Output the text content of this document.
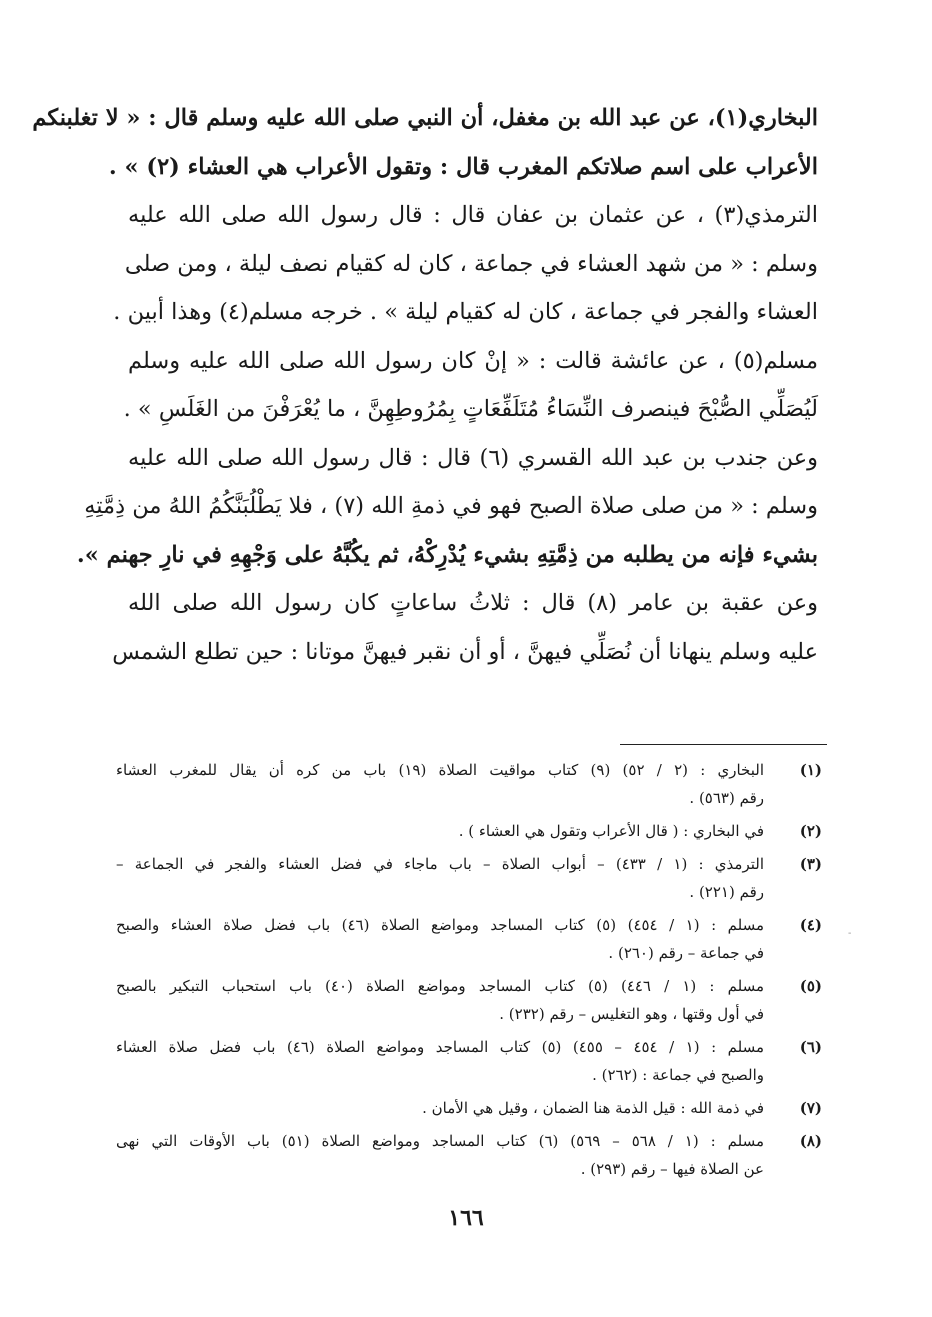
البخاري(١)، عن عبد الله بن مغفل، أن النبي صلى الله عليه وسلم قال : « لا تغلبنكم
الأعراب على اسم صلاتكم المغرب قال : وتقول الأعراب هي العشاء (٢) » .
الترمذي(٣) ، عن عثمان بن عفان قال : قال رسول الله صلى الله عليه
وسلم : « من شهد العشاء في جماعة ، كان له كقيام نصف ليلة ، ومن صلى
العشاء والفجر في جماعة ، كان له كقيام ليلة » . خرجه مسلم(٤) وهذا أبين .
مسلم(٥) ، عن عائشة قالت : « إنْ كان رسول الله صلى الله عليه وسلم
لَيُصَلِّي الصُّبْحَ فينصرف النِّسَاءُ مُتَلَفِّعَاتٍ بِمُرُوطِهِنَّ ، ما يُعْرَفْنَ من الغَلَسِ » .
وعن جندب بن عبد الله القسري (٦) قال : قال رسول الله صلى الله عليه
وسلم : « من صلى صلاة الصبح فهو في ذمةِ الله (٧) ، فلا يَطْلُبَنَّكُمُ اللهُ من ذِمَّتِهِ
بشيء فإنه من يطلبه من ذِمَّتِهِ بشيء يُدْرِكْهُ، ثم يكُبَّهُ على وَجْهِهِ في نارِ جهنم ».
وعن عقبة بن عامر (٨) قال : ثلاثُ ساعاتٍ كان رسول الله صلى الله
عليه وسلم ينهانا أن نُصَلِّي فيهنَّ ، أو أن نقبر فيهنَّ موتانا : حين تطلع الشمس
(١)
البخاري : (٢ / ٥٢) (٩) كتاب مواقيت الصلاة (١٩) باب من كره أن يقال للمغرب العشاء
رقم (٥٦٣) .
(٢)
في البخاري : ( قال الأعراب وتقول هي العشاء ) .
(٣)
الترمذي : (١ / ٤٣٣) – أبواب الصلاة – باب ماجاء في فضل العشاء والفجر في الجماعة –
رقم (٢٢١) .
(٤)
مسلم : (١ / ٤٥٤) (٥) كتاب المساجد ومواضع الصلاة (٤٦) باب فضل صلاة العشاء والصبح
في جماعة – رقم (٢٦٠) .
(٥)
مسلم : (١ / ٤٤٦) (٥) كتاب المساجد ومواضع الصلاة (٤٠) باب استحباب التبكير بالصبح
في أول وقتها ، وهو التغليس – رقم (٢٣٢) .
(٦)
مسلم : (١ / ٤٥٤ – ٤٥٥) (٥) كتاب المساجد ومواضع الصلاة (٤٦) باب فضل صلاة العشاء
والصبح في جماعة : (٢٦٢) .
(٧)
في ذمة الله : قيل الذمة هنا الضمان ، وقيل هي الأمان .
(٨)
مسلم : (١ / ٥٦٨ – ٥٦٩) (٦) كتاب المساجد ومواضع الصلاة (٥١) باب الأوقات التي نهى
عن الصلاة فيها – رقم (٢٩٣) .
١٦٦
-
